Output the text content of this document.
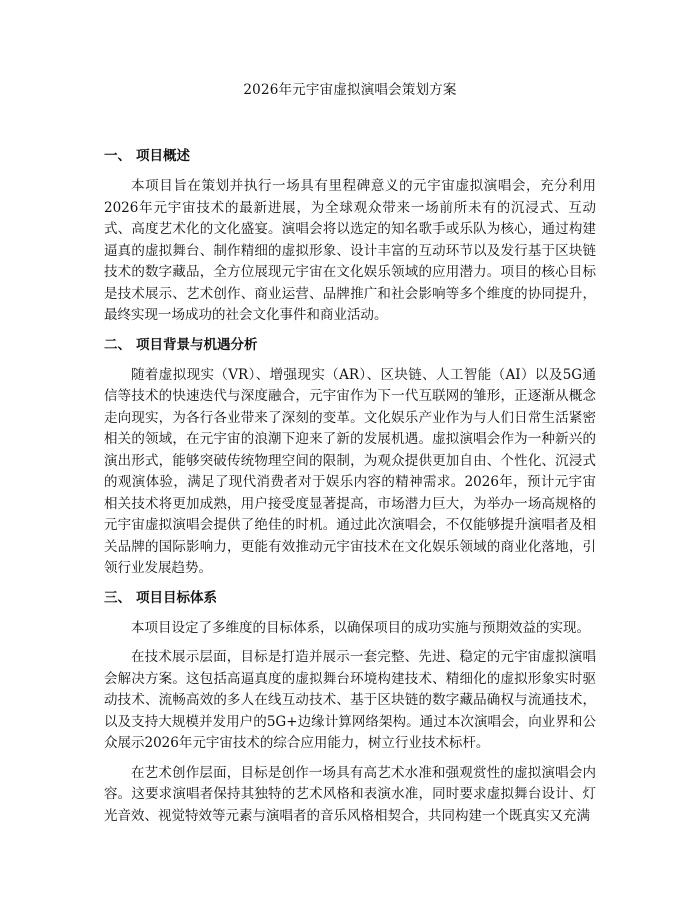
2026年元宇宙虚拟演唱会策划方案
一、 项目概述

本项目旨在策划并执行一场具有里程碑意义的元宇宙虚拟演唱会，充分利用2026年元宇宙技术的最新进展，为全球观众带来一场前所未有的沉浸式、互动式、高度艺术化的文化盛宴。演唱会将以选定的知名歌手或乐队为核心，通过构建逼真的虚拟舞台、制作精细的虚拟形象、设计丰富的互动环节以及发行基于区块链技术的数字藏品，全方位展现元宇宙在文化娱乐领域的应用潜力。项目的核心目标是技术展示、艺术创作、商业运营、品牌推广和社会影响等多个维度的协同提升，最终实现一场成功的社会文化事件和商业活动。

二、 项目背景与机遇分析

随着虚拟现实（VR）、增强现实（AR）、区块链、人工智能（AI）以及5G通信等技术的快速迭代与深度融合，元宇宙作为下一代互联网的雏形，正逐渐从概念走向现实，为各行各业带来了深刻的变革。文化娱乐产业作为与人们日常生活紧密相关的领域，在元宇宙的浪潮下迎来了新的发展机遇。虚拟演唱会作为一种新兴的演出形式，能够突破传统物理空间的限制，为观众提供更加自由、个性化、沉浸式的观演体验，满足了现代消费者对于娱乐内容的精神需求。2026年，预计元宇宙相关技术将更加成熟，用户接受度显著提高，市场潜力巨大，为举办一场高规格的元宇宙虚拟演唱会提供了绝佳的时机。通过此次演唱会，不仅能够提升演唱者及相关品牌的国际影响力，更能有效推动元宇宙技术在文化娱乐领域的商业化落地，引领行业发展趋势。

三、 项目目标体系

本项目设定了多维度的目标体系，以确保项目的成功实施与预期效益的实现。

在技术展示层面，目标是打造并展示一套完整、先进、稳定的元宇宙虚拟演唱会解决方案。这包括高逼真度的虚拟舞台环境构建技术、精细化的虚拟形象实时驱动技术、流畅高效的多人在线互动技术、基于区块链的数字藏品确权与流通技术，以及支持大规模并发用户的5G+边缘计算网络架构。通过本次演唱会，向业界和公众展示2026年元宇宙技术的综合应用能力，树立行业技术标杆。

在艺术创作层面，目标是创作一场具有高艺术水准和强观赏性的虚拟演唱会内容。这要求演唱者保持其独特的艺术风格和表演水准，同时要求虚拟舞台设计、灯光音效、视觉特效等元素与演唱者的音乐风格相契合，共同构建一个既真实又充满
